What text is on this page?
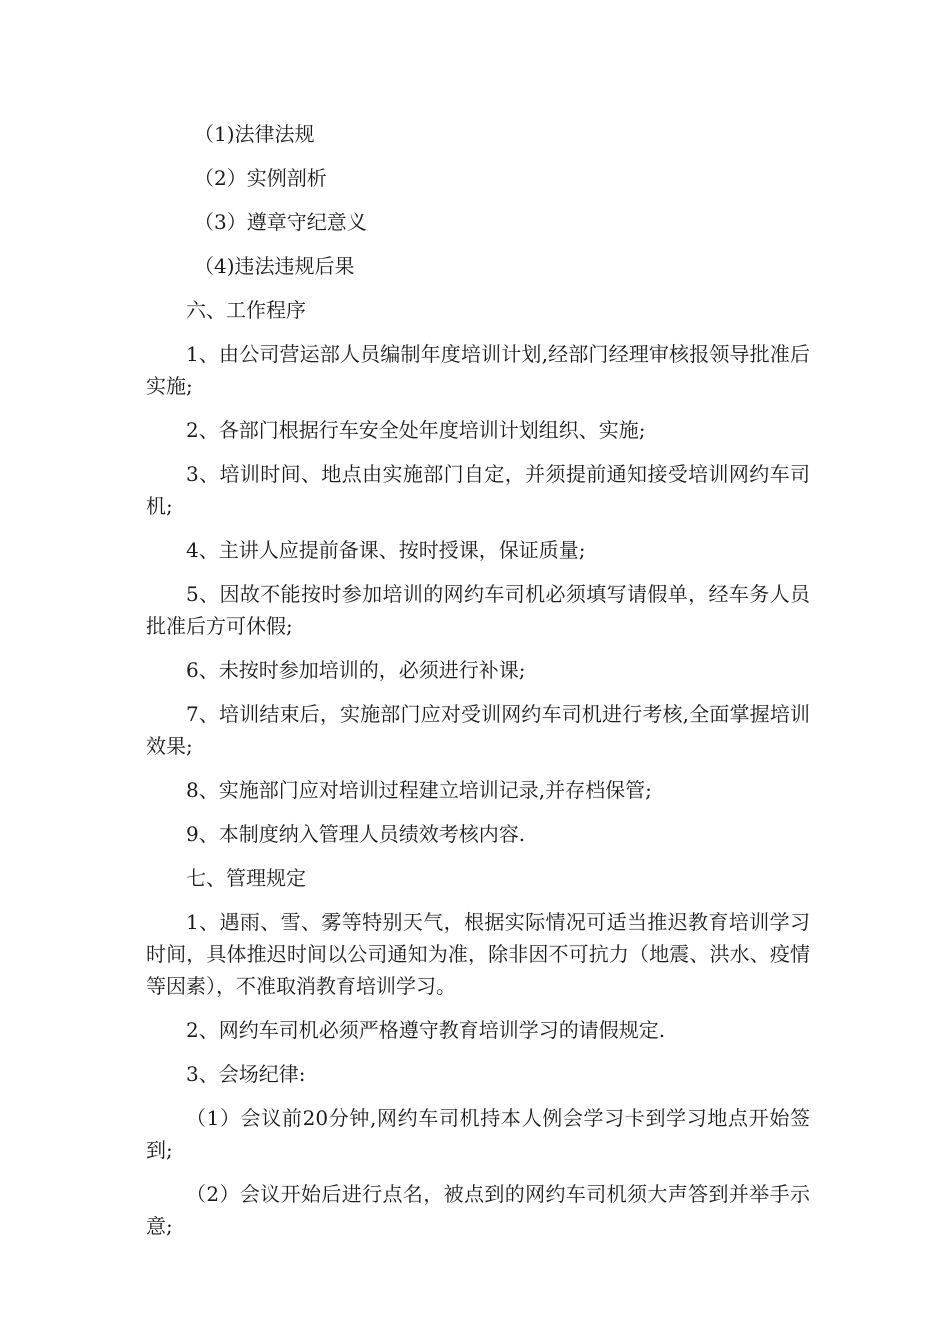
（1)法律法规

（2）实例剖析

（3）遵章守纪意义

（4)违法违规后果

六、工作程序

1、由公司营运部人员编制年度培训计划,经部门经理审核报领导批准后实施;

2、各部门根据行车安全处年度培训计划组织、实施;

3、培训时间、地点由实施部门自定，并须提前通知接受培训网约车司机;

4、主讲人应提前备课、按时授课，保证质量;

5、因故不能按时参加培训的网约车司机必须填写请假单，经车务人员批准后方可休假;

6、未按时参加培训的，必须进行补课;

7、培训结束后，实施部门应对受训网约车司机进行考核,全面掌握培训效果;

8、实施部门应对培训过程建立培训记录,并存档保管;

9、本制度纳入管理人员绩效考核内容.

七、管理规定

1、遇雨、雪、雾等特别天气，根据实际情况可适当推迟教育培训学习时间，具体推迟时间以公司通知为准，除非因不可抗力（地震、洪水、疫情等因素），不准取消教育培训学习。

2、网约车司机必须严格遵守教育培训学习的请假规定.

3、会场纪律:

（1）会议前20分钟,网约车司机持本人例会学习卡到学习地点开始签到;

（2）会议开始后进行点名，被点到的网约车司机须大声答到并举手示意;
